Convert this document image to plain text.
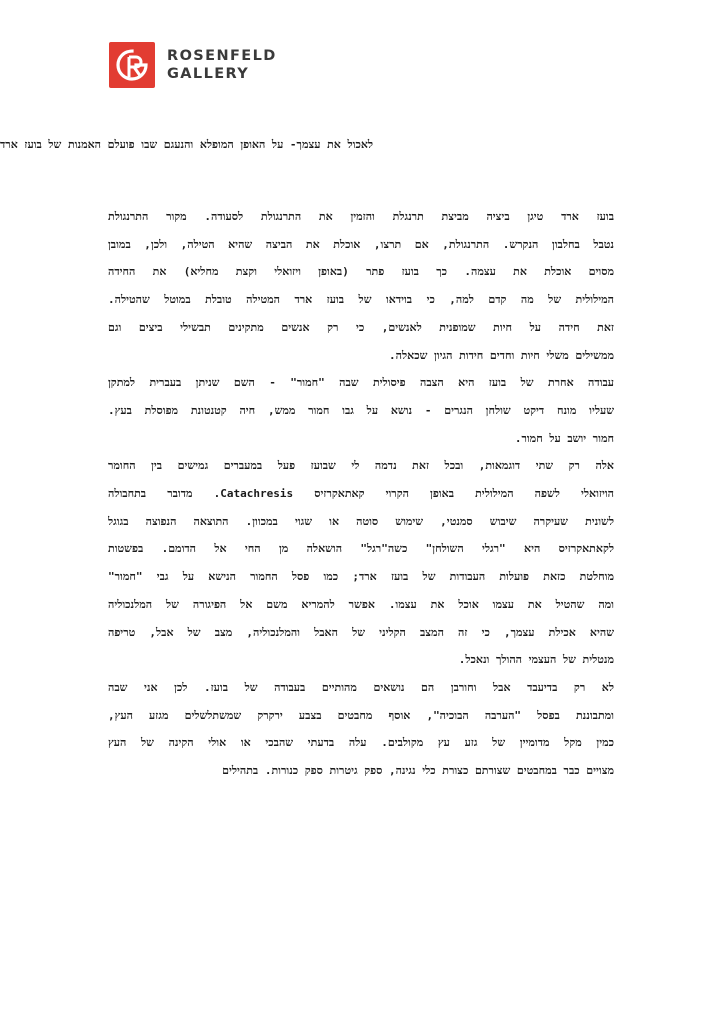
ROSENFELD
GALLERY
לאכול את עצמך- על האופן המופלא והנעגם שבו פועלם האמנות של בועז ארד

בועז ארד טיגן ביציה מביצת תרנגלת והזמין את התרנגולת לסעודה. מקור התרנגולת
נטבל בחלבון הנקרש. התרנגולת, אם תרצו, אוכלת את הביצה שהיא הטילה, ולכן, במובן
מסוים אוכלת את עצמה. כך בועז פתר (באופן ויזואלי וקצת מחליא) את החידה
המילולית של מה קדם למה, כי בוידאו של בועז ארד המטילה טובלת במוטל שהטילה.
זאת חידה על חיות שמופנית לאנשים, כי רק אנשים מתקינים תבשילי ביצים וגם
ממשילים משלי חיות וחדים חידות הגיון שכאלה.

עבודה אחרת של בועז היא הצבה פיסולית שבה "חמור" - השם שניתן בעברית למתקן
שעליו מונח דיקט שולחן הנגרים - נושא על גבו חמור ממש, חיה קטנטונת מפוסלת בעץ.
חמור יושב על חמור.

אלה רק שתי דוגמאות, ובכל זאת נדמה לי שבועז פעל במעברים גמישים בין החומר
הויזואלי לשפה המילולית באופן הקרוי קאתאקרזיס Catachresis. מדובר בתחבולה
לשונית שעיקרה שיבוש סמנטי, שימוש סוטה או שגוי במכוון. התוצאה הנפוצה בגוגל
לקאתאקרזיס היא "רגלי השולחן" כשה"רגל" הושאלה מן החי אל הדומם. בפשטות
מוחלטת כזאת פועלות העבודות של בועז ארד; כמו פסל החמור הנישא על גבי "חמור"
ומה שהטיל את עצמו אוכל את עצמו. אפשר להמריא משם אל הפיגורה של המלנכוליה
שהיא אכילת עצמך, כי זה המצב הקליני של האבל והמלנכוליה, מצב של אבל, טריפה
מנטלית של העצמי ההולך ונאכל.

לא רק בדיעבד אבל וחורבן הם נושאים מהותיים בעבודה של בועז. לכן אני שבה
ומתבוננת בפסל "הערבה הבוכיה", אוסף מחבטים בצבע ירקרק שמשתלשלים מגזע העץ,
כמין מקל מדומיין של גזע עץ מקולבים. עלה בדעתי שהבכי או אולי הקינה של העץ
מצויים כבר במחבטים שצורתם כצורת כלי נגינה, ספק גיטרות ספק כנורות. בתהילים
